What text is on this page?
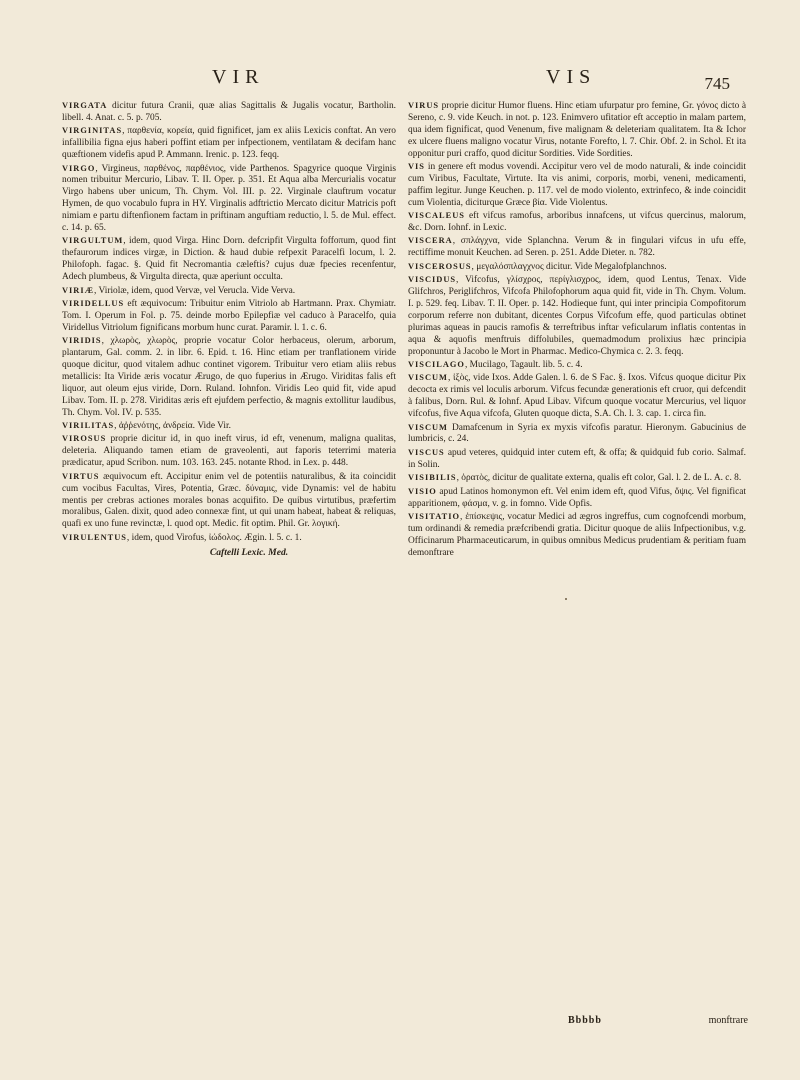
VIR	VIS	745

VIRGATA dicitur futura Cranii, quæ alias Sagittalis & Jugalis vocatur, Bartholin. libell. 4. Anat. c. 5. p. 705.

VIRGINITAS, παρθενία, κορεία, quid fignificet, jam ex aliis Lexicis conftat. An vero infallibilia figna ejus haberi poffint etiam per infpectionem, ventilatam & decifam hanc quæftionem videfis apud P. Ammann. Irenic. p. 123. feqq.

VIRGO, Virgineus, παρθένος, παρθένιος, vide Parthenos. Spagyrice quoque Virginis nomen tribuitur Mercurio, Libav. T. II. Oper. p. 351. Et Aqua alba Mercurialis vocatur Virgo habens uber unicum, Th. Chym. Vol. III. p. 22. Virginale clauftrum vocatur Hymen, de quo vocabulo fupra in HY. Virginalis adftrictio Mercato dicitur Matricis poft nimiam e partu diftenfionem factam in priftinam anguftiam reductio, l. 5. de Mul. effect. c. 14. p. 65.

VIRGULTUM, idem, quod Virga. Hinc Dorn. defcripfit Virgulta foffoπum, quod fint thefaurorum indices virgæ, in Diction. & haud dubie refpexit Paracelfi locum, l. 2. Philofoph. fagac. §. Quid fit Necromantia cæleftis? cujus duæ fpecies recenfentur, Adech plumbeus, & Virgulta directa, quæ aperiunt occulta.

VIRIÆ, Viriolæ, idem, quod Vervæ, vel Verucla. Vide Verva.

VIRIDELLUS eft æquivocum: Tribuitur enim Vitriolo ab Hartmann. Prax. Chymiatr. Tom. I. Operum in Fol. p. 75. deinde morbo Epilepfiæ vel caduco à Paracelfo, quia Viridellus Vitriolum fignificans morbum hunc curat. Paramir. l. 1. c. 6.

VIRIDIS, χλωρὸς, χλωρὸς, proprie vocatur Color herbaceus, olerum, arborum, plantarum, Gal. comm. 2. in libr. 6. Epid. t. 16. Hinc etiam per tranflationem viride quoque dicitur, quod vitalem adhuc continet vigorem. Tribuitur vero etiam aliis rebus metallicis: Ita Viride æris vocatur Ærugo, de quo fuperius in Ærugo. Viriditas falis eft liquor, aut oleum ejus viride, Dorn. Ruland. Iohnfon. Viridis Leo quid fit, vide apud Libav. Tom. II. p. 278. Viriditas æris eft ejufdem perfectio, & magnis extollitur laudibus, Th. Chym. Vol. IV. p. 535.

VIRILITAS, ἀῤῥενότης, ἀνδρεία. Vide Vir.

VIROSUS proprie dicitur id, in quo ineft virus, id eft, venenum, maligna qualitas, deleteria. Aliquando tamen etiam de graveolenti, aut faporis teterrimi materia prædicatur, apud Scribon. num. 103. 163. 245. notante Rhod. in Lex. p. 448.

VIRTUS æquivocum eft. Accipitur enim vel de potentiis naturalibus, & ita coincidit cum vocibus Facultas, Vires, Potentia, Græc. δύναμις, vide Dynamis: vel de habitu mentis per crebras actiones morales bonas acquifito. De quibus virtutibus, præfertim moralibus, Galen. dixit, quod adeo connexæ fint, ut qui unam habeat, habeat & reliquas, quafi ex uno fune revinctæ, l. quod opt. Medic. fit optim. Phil. Gr. λογική.

VIRULENTUS, idem, quod Virofus, ἰώδολος. Ægin. l. 5. c. 1.

Caftelli Lexic. Med.

VIRUS proprie dicitur Humor fluens. Hinc etiam ufurpatur pro femine, Gr. γόνος dicto à Sereno, c. 9. vide Keuch. in not. p. 123. Enimvero ufitatior eft acceptio in malam partem, qua idem fignificat, quod Venenum, five malignam & deleteriam qualitatem. Ita & Ichor ex ulcere fluens maligno vocatur Virus, notante Forefto, l. 7. Chir. Obf. 2. in Schol. Et ita opponitur puri craffo, quod dicitur Sordities. Vide Sordities.

VIS in genere eft modus vovendi. Accipitur vero vel de modo naturali, & inde coincidit cum Viribus, Facultate, Virtute. Ita vis animi, corporis, morbi, veneni, medicamenti, paffim legitur. Junge Keuchen. p. 117. vel de modo violento, extrinfeco, & inde coincidit cum Violentia, diciturque Græce βία. Vide Violentus.

VISCALEUS eft vifcus ramofus, arboribus innafcens, ut vifcus quercinus, malorum, &c. Dorn. Iohnf. in Lexic.

VISCERA, σπλάγχνα, vide Splanchna. Verum & in fingulari vifcus in ufu effe, rectiffime monuit Keuchen. ad Seren. p. 251. Adde Dieter. n. 782.

VISCEROSUS, μεγαλόσπλαγχνος dicitur. Vide Megalofplanchnos.

VISCIDUS, Vifcofus, γλίσχρος, περίγλισχρος, idem, quod Lentus, Tenax. Vide Glifchros, Periglifchros, Vifcofa Philofophorum aqua quid fit, vide in Th. Chym. Volum. I. p. 529. feq. Libav. T. II. Oper. p. 142. Hodieque funt, qui inter principia Compofitorum corporum referre non dubitant, dicentes Corpus Vifcofum effe, quod particulas obtinet plurimas aqueas in paucis ramofis & terreftribus inftar veficularum inflatis contentas in aqua & aquofis menftruis diffolubiles, quemadmodum prolixius hæc principia proponuntur à Jacobo le Mort in Pharmac. Medico-Chymica c. 2. 3. feqq.

VISCILAGO, Mucilago, Tagault. lib. 5. c. 4.

VISCUM, ἰξὸς, vide Ixos. Adde Galen. l. 6. de S Fac. §. Ixos. Vifcus quoque dicitur Pix decocta ex rimis vel loculis arborum. Vifcus fecundæ generationis eft cruor, qui defcendit à falibus, Dorn. Rul. & Iohnf. Apud Libav. Vifcum quoque vocatur Mercurius, vel liquor vifcofus, five Aqua vifcofa, Gluten quoque dicta, S.A. Ch. l. 3. cap. 1. circa fin.

VISCUM Damafcenum in Syria ex myxis vifcofis paratur. Hieronym. Gabucinius de lumbricis, c. 24.

VISCUS apud veteres, quidquid inter cutem eft, & offa; & quidquid fub corio. Salmaf. in Solin.

VISIBILIS, ὁρατὸς, dicitur de qualitate externa, qualis eft color, Gal. l. 2. de L. A. c. 8.

VISIO apud Latinos homonymon eft. Vel enim idem eft, quod Vifus, ὄψις. Vel fignificat apparitionem, φάσμα, v. g. in fomno. Vide Opfis.

VISITATIO, ἐπίσκεψις, vocatur Medici ad ægros ingreffus, cum cognofcendi morbum, tum ordinandi & remedia præfcribendi gratia. Dicitur quoque de aliis Infpectionibus, v.g. Officinarum Pharmaceuticarum, in quibus omnibus Medicus prudentiam & peritiam fuam demonftrare

Bbbbb	monftrare
